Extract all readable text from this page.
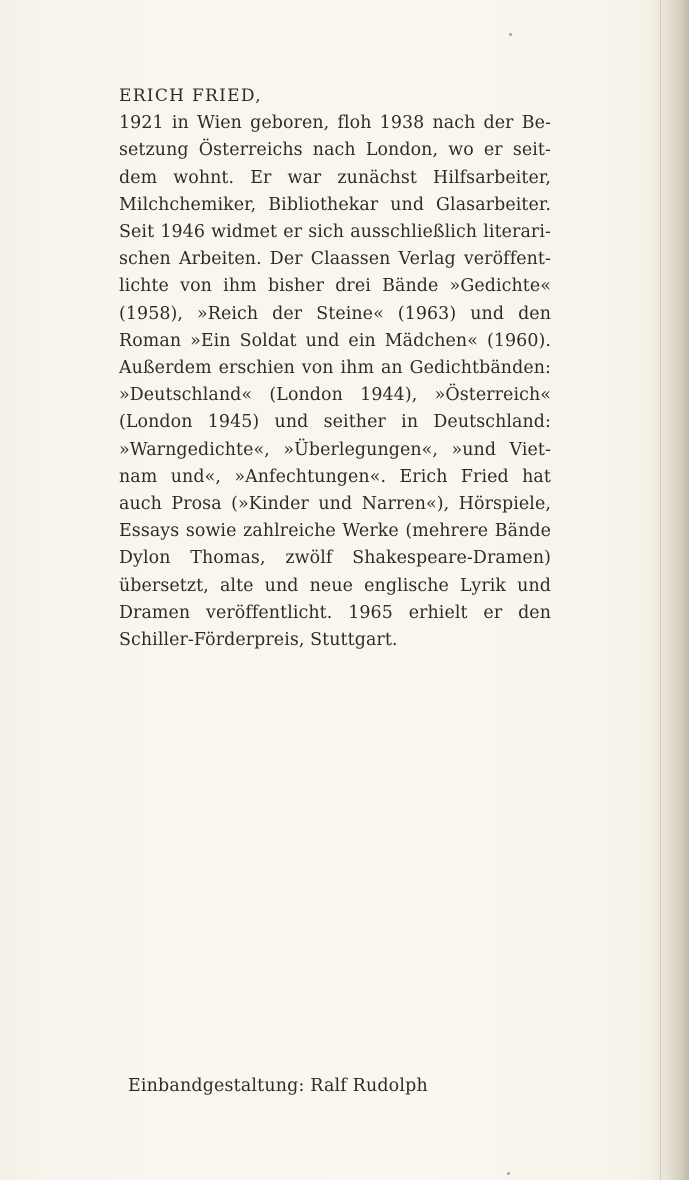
ERICH FRIED,
1921 in Wien geboren, floh 1938 nach der Be-
setzung Österreichs nach London, wo er seit-
dem wohnt. Er war zunächst Hilfsarbeiter,
Milchchemiker, Bibliothekar und Glasarbeiter.
Seit 1946 widmet er sich ausschließlich literari-
schen Arbeiten. Der Claassen Verlag veröffent-
lichte von ihm bisher drei Bände »Gedichte«
(1958), »Reich der Steine« (1963) und den
Roman »Ein Soldat und ein Mädchen« (1960).
Außerdem erschien von ihm an Gedichtbänden:
»Deutschland« (London 1944), »Österreich«
(London 1945) und seither in Deutschland:
»Warngedichte«, »Überlegungen«, »und Viet-
nam und«, »Anfechtungen«. Erich Fried hat
auch Prosa (»Kinder und Narren«), Hörspiele,
Essays sowie zahlreiche Werke (mehrere Bände
Dylon Thomas, zwölf Shakespeare-Dramen)
übersetzt, alte und neue englische Lyrik und
Dramen veröffentlicht. 1965 erhielt er den
Schiller-Förderpreis, Stuttgart.
Einbandgestaltung: Ralf Rudolph
